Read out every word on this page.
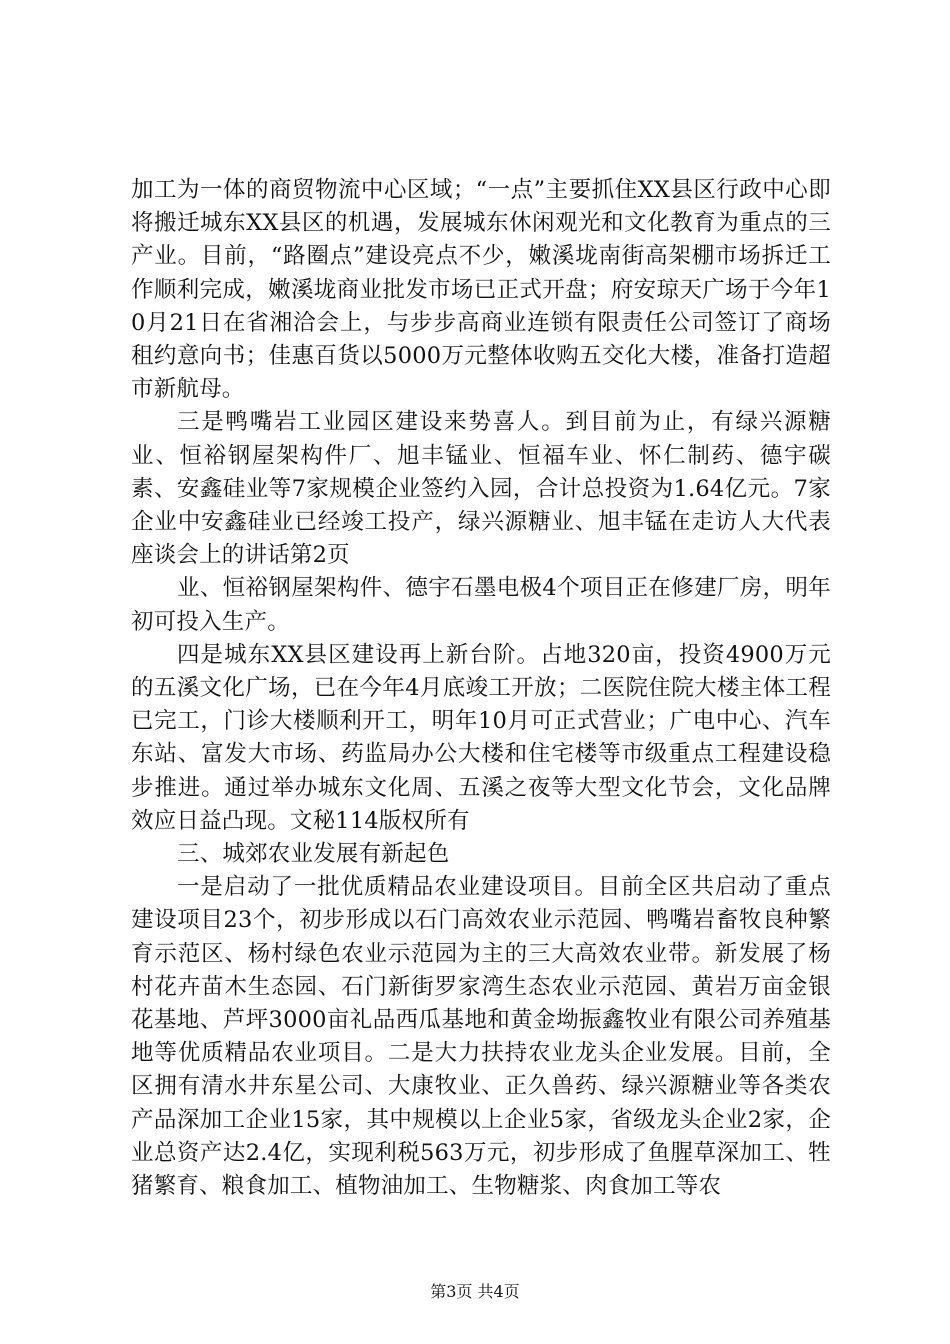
加工为一体的商贸物流中心区域；“一点”主要抓住XX县区行政中心即将搬迁城东XX县区的机遇，发展城东休闲观光和文化教育为重点的三产业。目前，“路圈点”建设亮点不少，嫩溪垅南街高架棚市场拆迁工作顺利完成，嫩溪垅商业批发市场已正式开盘；府安琼天广场于今年10月21日在省湘洽会上，与步步高商业连锁有限责任公司签订了商场租约意向书；佳惠百货以5000万元整体收购五交化大楼，准备打造超市新航母。

三是鸭嘴岩工业园区建设来势喜人。到目前为止，有绿兴源糖业、恒裕钢屋架构件厂、旭丰锰业、恒福车业、怀仁制药、德宇碳素、安鑫硅业等7家规模企业签约入园，合计总投资为1.64亿元。7家企业中安鑫硅业已经竣工投产，绿兴源糖业、旭丰锰在走访人大代表座谈会上的讲话第2页

业、恒裕钢屋架构件、德宇石墨电极4个项目正在修建厂房，明年初可投入生产。

四是城东XX县区建设再上新台阶。占地320亩，投资4900万元的五溪文化广场，已在今年4月底竣工开放；二医院住院大楼主体工程已完工，门诊大楼顺利开工，明年10月可正式营业；广电中心、汽车东站、富发大市场、药监局办公大楼和住宅楼等市级重点工程建设稳步推进。通过举办城东文化周、五溪之夜等大型文化节会，文化品牌效应日益凸现。文秘114版权所有

三、城郊农业发展有新起色

一是启动了一批优质精品农业建设项目。目前全区共启动了重点建设项目23个，初步形成以石门高效农业示范园、鸭嘴岩畜牧良种繁育示范区、杨村绿色农业示范园为主的三大高效农业带。新发展了杨村花卉苗木生态园、石门新街罗家湾生态农业示范园、黄岩万亩金银花基地、芦坪3000亩礼品西瓜基地和黄金坳振鑫牧业有限公司养殖基地等优质精品农业项目。二是大力扶持农业龙头企业发展。目前，全区拥有清水井东星公司、大康牧业、正久兽药、绿兴源糖业等各类农产品深加工企业15家，其中规模以上企业5家，省级龙头企业2家，企业总资产达2.4亿，实现利税563万元，初步形成了鱼腥草深加工、牲猪繁育、粮食加工、植物油加工、生物糖浆、肉食加工等农

第3页 共4页
